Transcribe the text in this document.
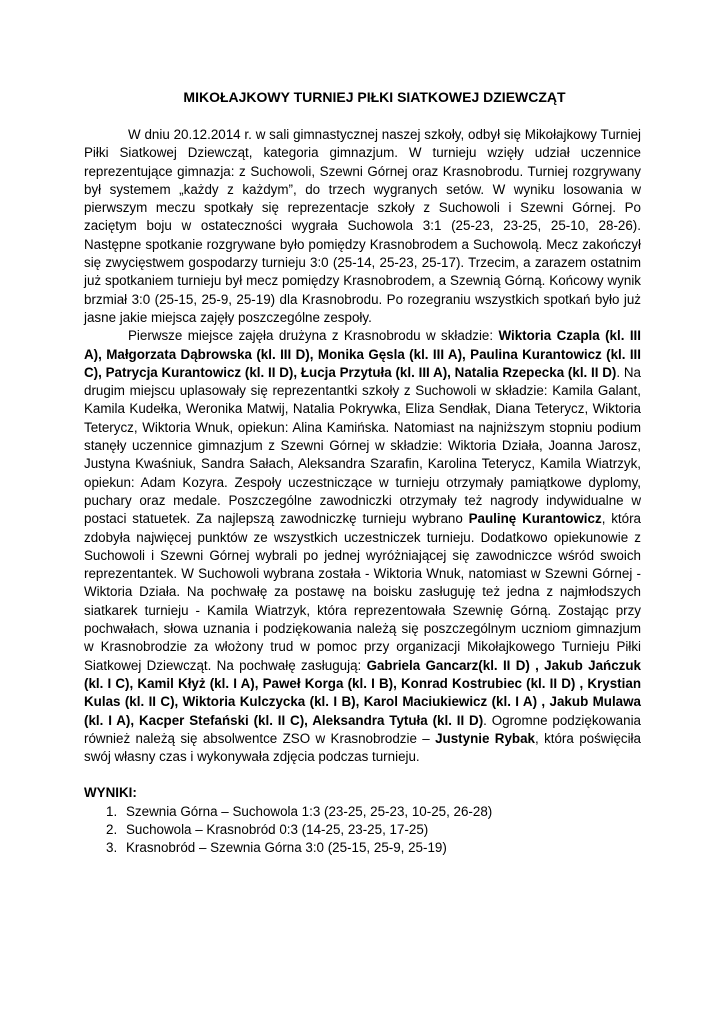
MIKOŁAJKOWY TURNIEJ PIŁKI SIATKOWEJ DZIEWCZĄT

W dniu 20.12.2014 r. w sali gimnastycznej naszej szkoły, odbył się Mikołajkowy Turniej Piłki Siatkowej Dziewcząt, kategoria gimnazjum. W turnieju wzięły udział uczennice reprezentujące gimnazja: z Suchowoli, Szewni Górnej oraz Krasnobrodu. Turniej rozgrywany był systemem „każdy z każdym”, do trzech wygranych setów. W wyniku losowania w pierwszym meczu spotkały się reprezentacje szkoły z Suchowoli i Szewni Górnej. Po zaciętym boju w ostateczności wygrała Suchowola 3:1 (25-23, 23-25, 25-10, 28-26). Następne spotkanie rozgrywane było pomiędzy Krasnobrodem a Suchowolą. Mecz zakończył się zwycięstwem gospodarzy turnieju 3:0 (25-14, 25-23, 25-17). Trzecim, a zarazem ostatnim już spotkaniem turnieju był mecz pomiędzy Krasnobrodem, a Szewnią Górną. Końcowy wynik brzmiał 3:0 (25-15, 25-9, 25-19) dla Krasnobrodu. Po rozegraniu wszystkich spotkań było już jasne jakie miejsca zajęły poszczególne zespoły.

Pierwsze miejsce zajęła drużyna z Krasnobrodu w składzie: Wiktoria Czapla (kl. III A), Małgorzata Dąbrowska (kl. III D), Monika Gęsla (kl. III A), Paulina Kurantowicz (kl. III C), Patrycja Kurantowicz (kl. II D), Łucja Przytuła (kl. III A), Natalia Rzepecka (kl. II D). Na drugim miejscu uplasowały się reprezentantki szkoły z Suchowoli w składzie: Kamila Galant, Kamila Kudełka, Weronika Matwij, Natalia Pokrywka, Eliza Sendłak, Diana Teterycz, Wiktoria Teterycz, Wiktoria Wnuk, opiekun: Alina Kamińska. Natomiast na najniższym stopniu podium stanęły uczennice gimnazjum z Szewni Górnej w składzie: Wiktoria Działa, Joanna Jarosz, Justyna Kwaśniuk, Sandra Sałach, Aleksandra Szarafin, Karolina Teterycz, Kamila Wiatrzyk, opiekun: Adam Kozyra. Zespoły uczestniczące w turnieju otrzymały pamiątkowe dyplomy, puchary oraz medale. Poszczególne zawodniczki otrzymały też nagrody indywidualne w postaci statuetek. Za najlepszą zawodniczkę turnieju wybrano Paulinę Kurantowicz, która zdobyła najwięcej punktów ze wszystkich uczestniczek turnieju. Dodatkowo opiekunowie z Suchowoli i Szewni Górnej wybrali po jednej wyróżniającej się zawodniczce wśród swoich reprezentantek. W Suchowoli wybrana została - Wiktoria Wnuk, natomiast w Szewni Górnej - Wiktoria Działa. Na pochwałę za postawę na boisku zasługuję też jedna z najmłodszych siatkarek turnieju - Kamila Wiatrzyk, która reprezentowała Szewnię Górną. Zostając przy pochwałach, słowa uznania i podziękowania należą się poszczególnym uczniom gimnazjum w Krasnobrodzie za włożony trud w pomoc przy organizacji Mikołajkowego Turnieju Piłki Siatkowej Dziewcząt. Na pochwałę zasługują: Gabriela Gancarz(kl. II D) , Jakub Jańczuk (kl. I C), Kamil Kłyż (kl. I A), Paweł Korga (kl. I B), Konrad Kostrubiec (kl. II D) , Krystian Kulas (kl. II C), Wiktoria Kulczycka (kl. I B), Karol Maciukiewicz (kl. I A) , Jakub Mulawa (kl. I A), Kacper Stefański (kl. II C), Aleksandra Tytuła (kl. II D). Ogromne podziękowania również należą się absolwentce ZSO w Krasnobrodzie – Justynie Rybak, która poświęciła swój własny czas i wykonywała zdjęcia podczas turnieju.

WYNIKI:

1. Szewnia Górna – Suchowola 1:3 (23-25, 25-23, 10-25, 26-28)
2. Suchowola – Krasnobród 0:3 (14-25, 23-25, 17-25)
3. Krasnobród – Szewnia Górna 3:0 (25-15, 25-9, 25-19)
